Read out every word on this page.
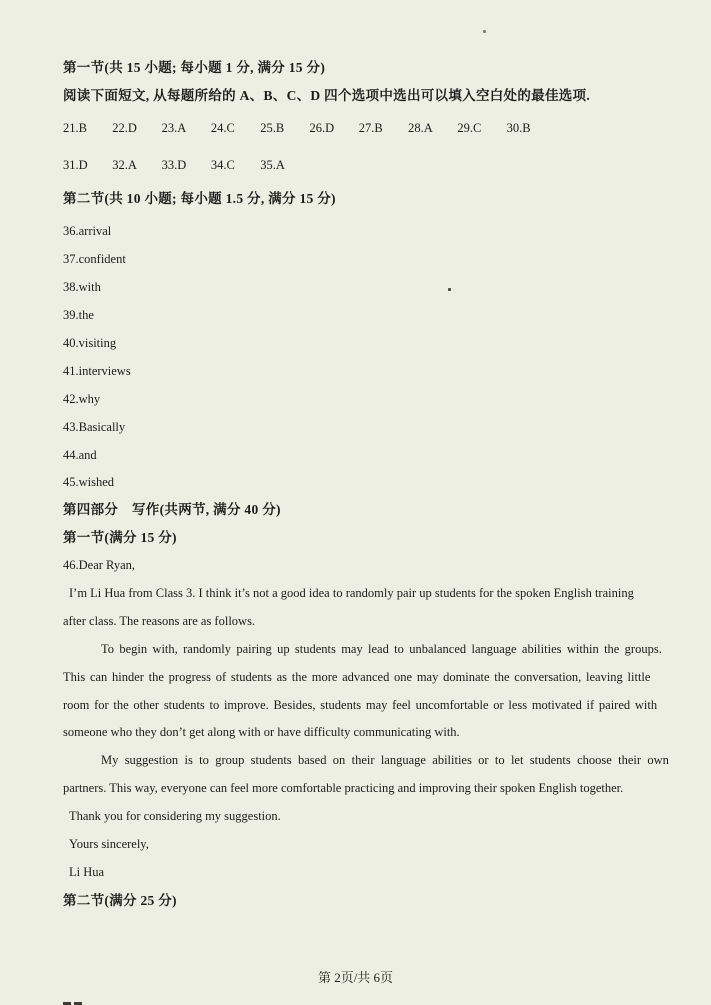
第一节(共 15 小题; 每小题 1 分, 满分 15 分)
阅读下面短文, 从每题所给的 A、B、C、D 四个选项中选出可以填入空白处的最佳选项.
21.B 22.D 23.A 24.C 25.B 26.D 27.B 28.A 29.C 30.B
31.D 32.A 33.D 34.C 35.A
第二节(共 10 小题; 每小题 1.5 分, 满分 15 分)
36.arrival
37.confident
38.with
39.the
40.visiting
41.interviews
42.why
43.Basically
44.and
45.wished
第四部分　写作(共两节, 满分 40 分)
第一节(满分 15 分)
46.Dear Ryan,
I’m Li Hua from Class 3. I think it’s not a good idea to randomly pair up students for the spoken English training
after class. The reasons are as follows.
To begin with, randomly pairing up students may lead to unbalanced language abilities within the groups.
This can hinder the progress of students as the more advanced one may dominate the conversation, leaving little
room for the other students to improve. Besides, students may feel uncomfortable or less motivated if paired with
someone who they don’t get along with or have difficulty communicating with.
My suggestion is to group students based on their language abilities or to let students choose their own
partners. This way, everyone can feel more comfortable practicing and improving their spoken English together.
Thank you for considering my suggestion.
Yours sincerely,
Li Hua
第二节(满分 25 分)
第 2页/共 6页
